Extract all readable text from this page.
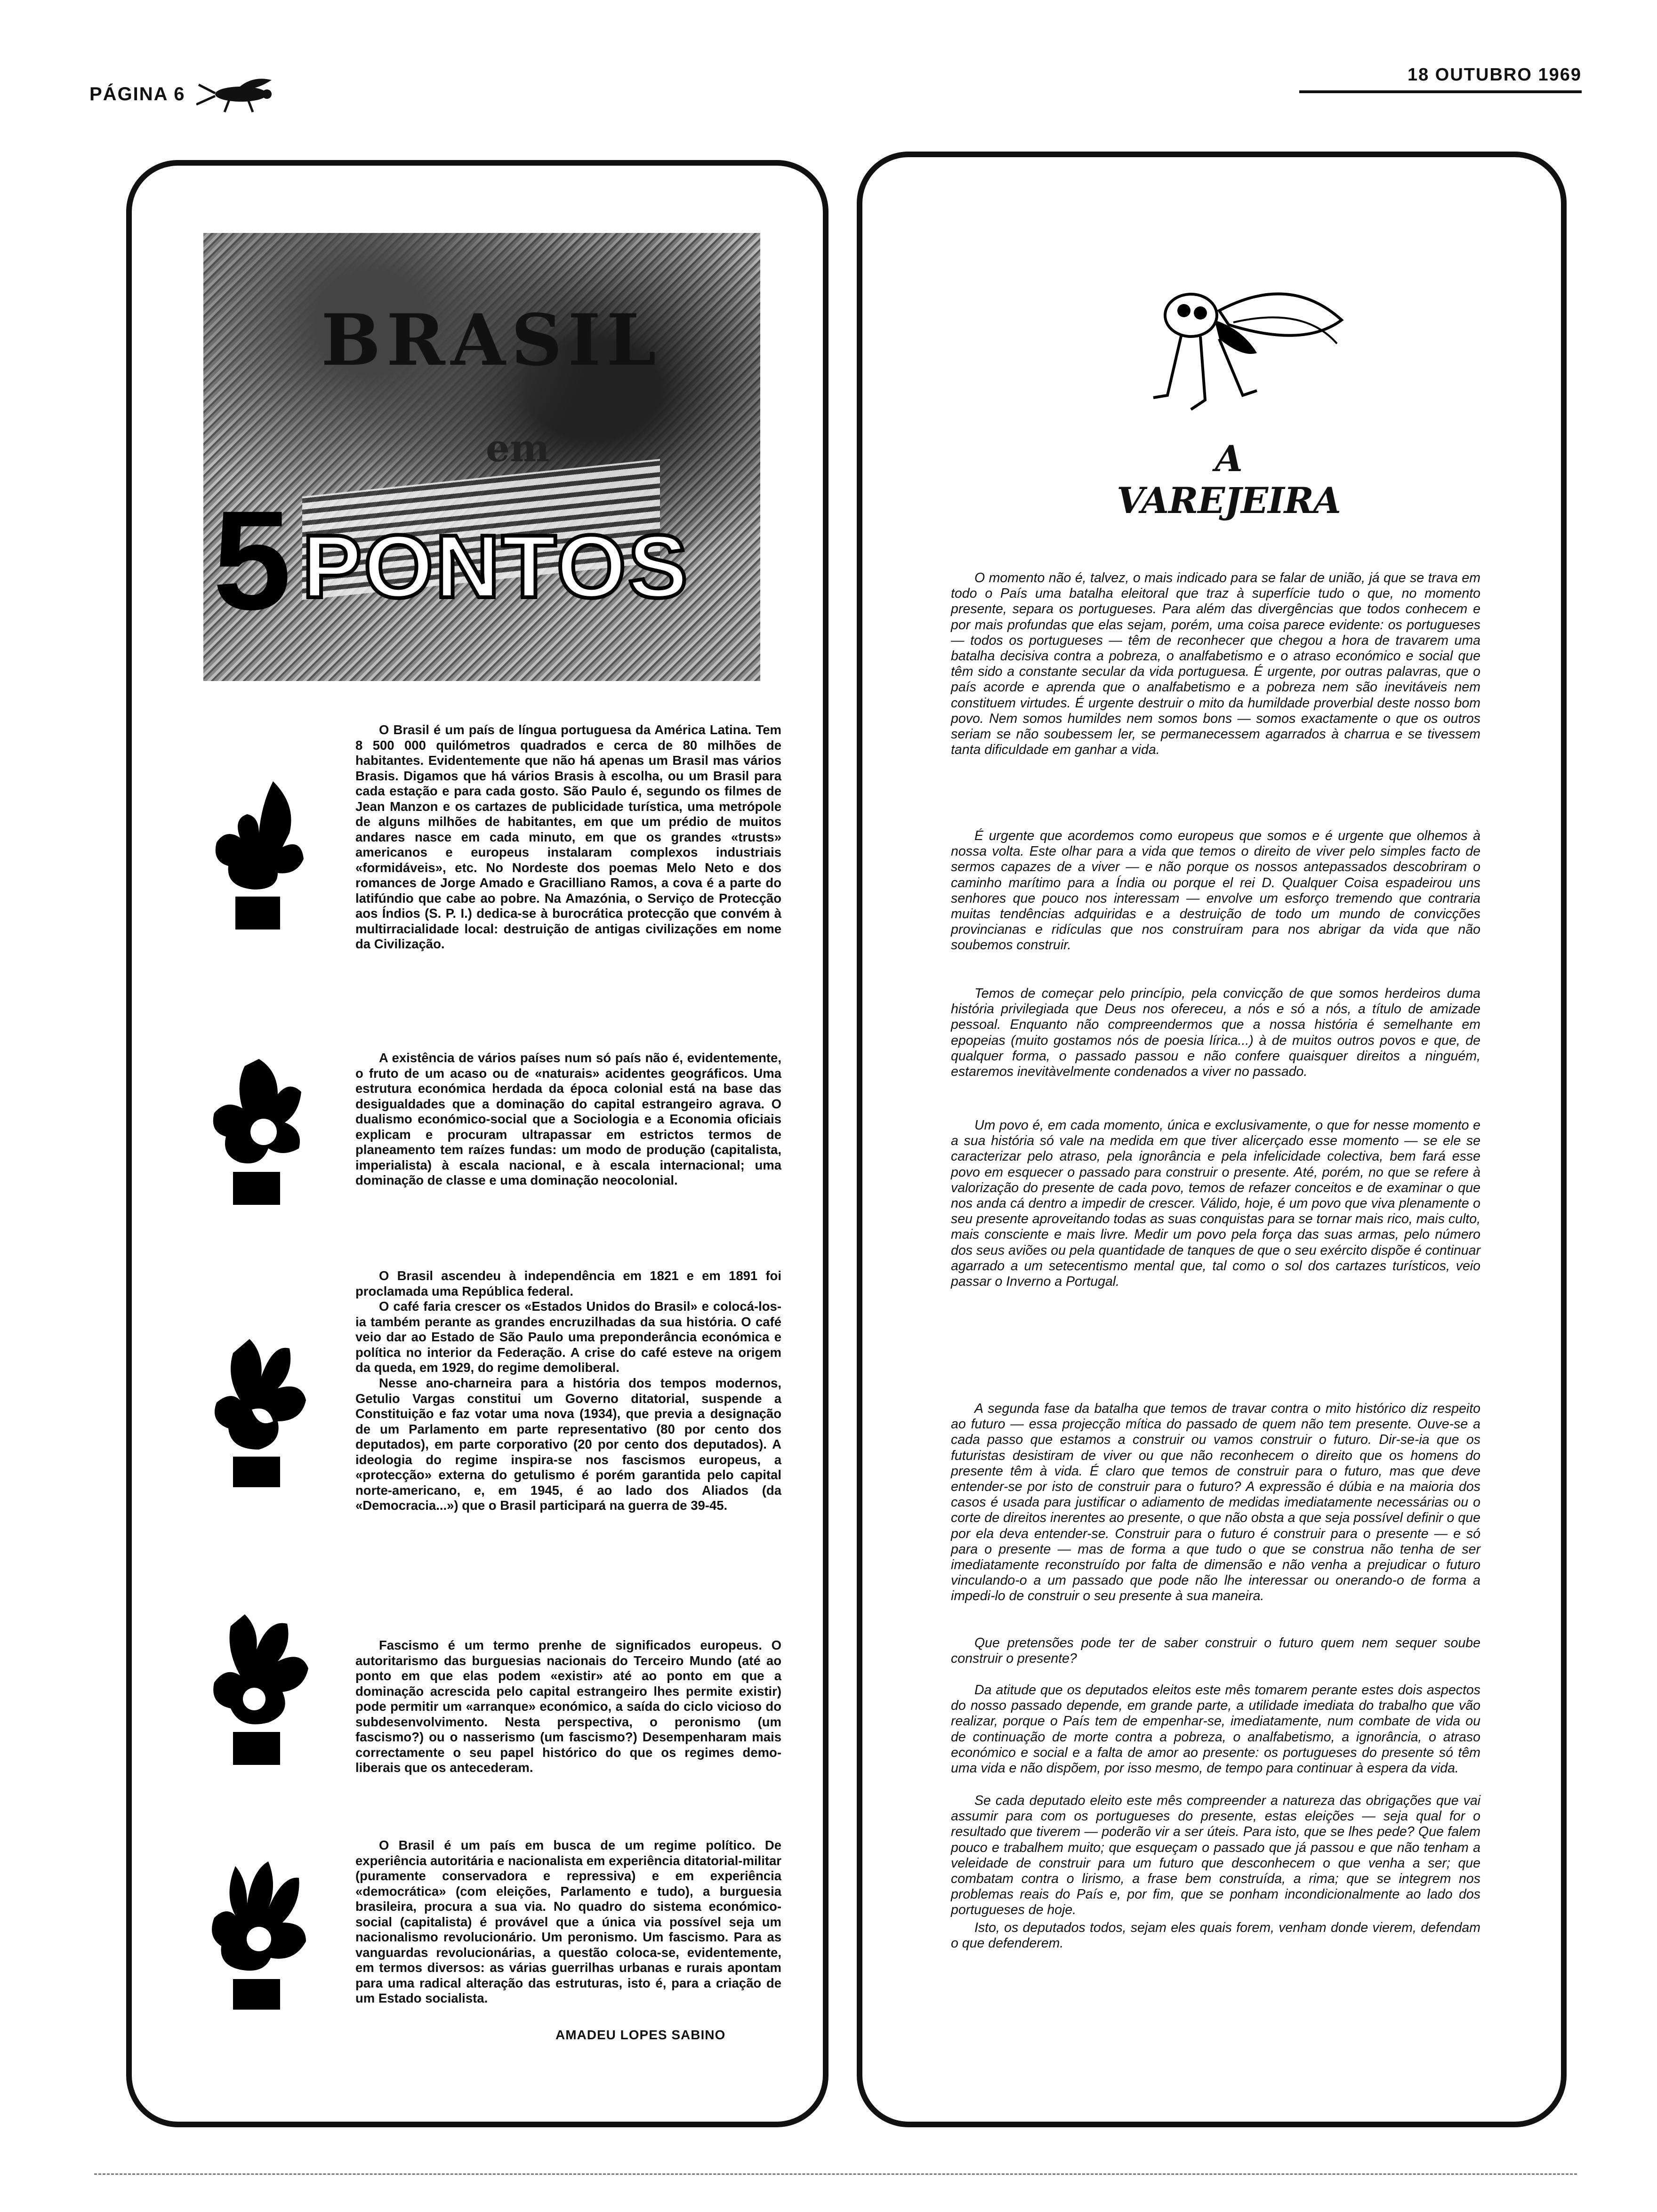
PÁGINA 6
18 OUTUBRO 1969
BRASIL
em
5 PONTOS

O Brasil é um país de língua portuguesa da América Latina. Tem 8 500 000 quilómetros quadrados e cerca de 80 milhões de habitantes. Evidentemente que não há apenas um Brasil mas vários Brasis. Digamos que há vários Brasis à escolha, ou um Brasil para cada estação e para cada gosto. São Paulo é, segundo os filmes de Jean Manzon e os cartazes de publicidade turística, uma metrópole de alguns milhões de habitantes, em que um prédio de muitos andares nasce em cada minuto, em que os grandes «trusts» americanos e europeus instalaram complexos industriais «formidáveis», etc. No Nordeste dos poemas Melo Neto e dos romances de Jorge Amado e Gracilliano Ramos, a cova é a parte do latifúndio que cabe ao pobre. Na Amazónia, o Serviço de Protecção aos Índios (S. P. I.) dedica-se à burocrática protecção que convém à multirracialidade local: destruição de antigas civilizações em nome da Civilização.

A existência de vários países num só país não é, evidentemente, o fruto de um acaso ou de «naturais» acidentes geográficos. Uma estrutura económica herdada da época colonial está na base das desigualdades que a dominação do capital estrangeiro agrava. O dualismo económico-social que a Sociologia e a Economia oficiais explicam e procuram ultrapassar em estrictos termos de planeamento tem raízes fundas: um modo de produção (capitalista, imperialista) à escala nacional, e à escala internacional; uma dominação de classe e uma dominação neocolonial.

O Brasil ascendeu à independência em 1821 e em 1891 foi proclamada uma República federal.

O café faria crescer os «Estados Unidos do Brasil» e colocá-los-ia também perante as grandes encruzilhadas da sua história. O café veio dar ao Estado de São Paulo uma preponderância económica e política no interior da Federação. A crise do café esteve na origem da queda, em 1929, do regime demoliberal.

Nesse ano-charneira para a história dos tempos modernos, Getulio Vargas constitui um Governo ditatorial, suspende a Constituição e faz votar uma nova (1934), que previa a designação de um Parlamento em parte representativo (80 por cento dos deputados), em parte corporativo (20 por cento dos deputados). A ideologia do regime inspira-se nos fascismos europeus, a «protecção» externa do getulismo é porém garantida pelo capital norte-americano, e, em 1945, é ao lado dos Aliados (da «Democracia...») que o Brasil participará na guerra de 39-45.

Fascismo é um termo prenhe de significados europeus. O autoritarismo das burguesias nacionais do Terceiro Mundo (até ao ponto em que elas podem «existir» até ao ponto em que a dominação acrescida pelo capital estrangeiro lhes permite existir) pode permitir um «arranque» económico, a saída do ciclo vicioso do subdesenvolvimento. Nesta perspectiva, o peronismo (um fascismo?) ou o nasserismo (um fascismo?) Desempenharam mais correctamente o seu papel histórico do que os regimes demo-liberais que os antecederam.

O Brasil é um país em busca de um regime político. De experiência autoritária e nacionalista em experiência ditatorial-militar (puramente conservadora e repressiva) e em experiência «democrática» (com eleições, Parlamento e tudo), a burguesia brasileira, procura a sua via. No quadro do sistema económico-social (capitalista) é provável que a única via possível seja um nacionalismo revolucionário. Um peronismo. Um fascismo. Para as vanguardas revolucionárias, a questão coloca-se, evidentemente, em termos diversos: as várias guerrilhas urbanas e rurais apontam para uma radical alteração das estruturas, isto é, para a criação de um Estado socialista.

AMADEU LOPES SABINO
A VAREJEIRA

O momento não é, talvez, o mais indicado para se falar de união, já que se trava em todo o País uma batalha eleitoral que traz à superfície tudo o que, no momento presente, separa os portugueses. Para além das divergências que todos conhecem e por mais profundas que elas sejam, porém, uma coisa parece evidente: os portugueses — todos os portugueses — têm de reconhecer que chegou a hora de travarem uma batalha decisiva contra a pobreza, o analfabetismo e o atraso económico e social que têm sido a constante secular da vida portuguesa. É urgente, por outras palavras, que o país acorde e aprenda que o analfabetismo e a pobreza nem são inevitáveis nem constituem virtudes. É urgente destruir o mito da humildade proverbial deste nosso bom povo. Nem somos humildes nem somos bons — somos exactamente o que os outros seriam se não soubessem ler, se permanecessem agarrados à charrua e se tivessem tanta dificuldade em ganhar a vida.

É urgente que acordemos como europeus que somos e é urgente que olhemos à nossa volta. Este olhar para a vida que temos o direito de viver pelo simples facto de sermos capazes de a viver — e não porque os nossos antepassados descobriram o caminho marítimo para a Índia ou porque el rei D. Qualquer Coisa espadeirou uns senhores que pouco nos interessam — envolve um esforço tremendo que contraria muitas tendências adquiridas e a destruição de todo um mundo de convicções provincianas e ridículas que nos construíram para nos abrigar da vida que não soubemos construir.

Temos de começar pelo princípio, pela convicção de que somos herdeiros duma história privilegiada que Deus nos ofereceu, a nós e só a nós, a título de amizade pessoal. Enquanto não compreendermos que a nossa história é semelhante em epopeias (muito gostamos nós de poesia lírica...) à de muitos outros povos e que, de qualquer forma, o passado passou e não confere quaisquer direitos a ninguém, estaremos inevitàvelmente condenados a viver no passado.

Um povo é, em cada momento, única e exclusivamente, o que for nesse momento e a sua história só vale na medida em que tiver alicerçado esse momento — se ele se caracterizar pelo atraso, pela ignorância e pela infelicidade colectiva, bem fará esse povo em esquecer o passado para construir o presente. Até, porém, no que se refere à valorização do presente de cada povo, temos de refazer conceitos e de examinar o que nos anda cá dentro a impedir de crescer. Válido, hoje, é um povo que viva plenamente o seu presente aproveitando todas as suas conquistas para se tornar mais rico, mais culto, mais consciente e mais livre. Medir um povo pela força das suas armas, pelo número dos seus aviões ou pela quantidade de tanques de que o seu exército dispõe é continuar agarrado a um setecentismo mental que, tal como o sol dos cartazes turísticos, veio passar o Inverno a Portugal.

A segunda fase da batalha que temos de travar contra o mito histórico diz respeito ao futuro — essa projecção mítica do passado de quem não tem presente. Ouve-se a cada passo que estamos a construir ou vamos construir o futuro. Dir-se-ia que os futuristas desistiram de viver ou que não reconhecem o direito que os homens do presente têm à vida. É claro que temos de construir para o futuro, mas que deve entender-se por isto de construir para o futuro? A expressão é dúbia e na maioria dos casos é usada para justificar o adiamento de medidas imediatamente necessárias ou o corte de direitos inerentes ao presente, o que não obsta a que seja possível definir o que por ela deva entender-se. Construir para o futuro é construir para o presente — e só para o presente — mas de forma a que tudo o que se construa não tenha de ser imediatamente reconstruído por falta de dimensão e não venha a prejudicar o futuro vinculando-o a um passado que pode não lhe interessar ou onerando-o de forma a impedi-lo de construir o seu presente à sua maneira.

Que pretensões pode ter de saber construir o futuro quem nem sequer soube construir o presente?

Da atitude que os deputados eleitos este mês tomarem perante estes dois aspectos do nosso passado depende, em grande parte, a utilidade imediata do trabalho que vão realizar, porque o País tem de empenhar-se, imediatamente, num combate de vida ou de continuação de morte contra a pobreza, o analfabetismo, a ignorância, o atraso económico e social e a falta de amor ao presente: os portugueses do presente só têm uma vida e não dispõem, por isso mesmo, de tempo para continuar à espera da vida.

Se cada deputado eleito este mês compreender a natureza das obrigações que vai assumir para com os portugueses do presente, estas eleições — seja qual for o resultado que tiverem — poderão vir a ser úteis. Para isto, que se lhes pede? Que falem pouco e trabalhem muito; que esqueçam o passado que já passou e que não tenham a veleidade de construir para um futuro que desconhecem o que venha a ser; que combatam contra o lirismo, a frase bem construída, a rima; que se integrem nos problemas reais do País e, por fim, que se ponham incondicionalmente ao lado dos portugueses de hoje.

Isto, os deputados todos, sejam eles quais forem, venham donde vierem, defendam o que defenderem.
